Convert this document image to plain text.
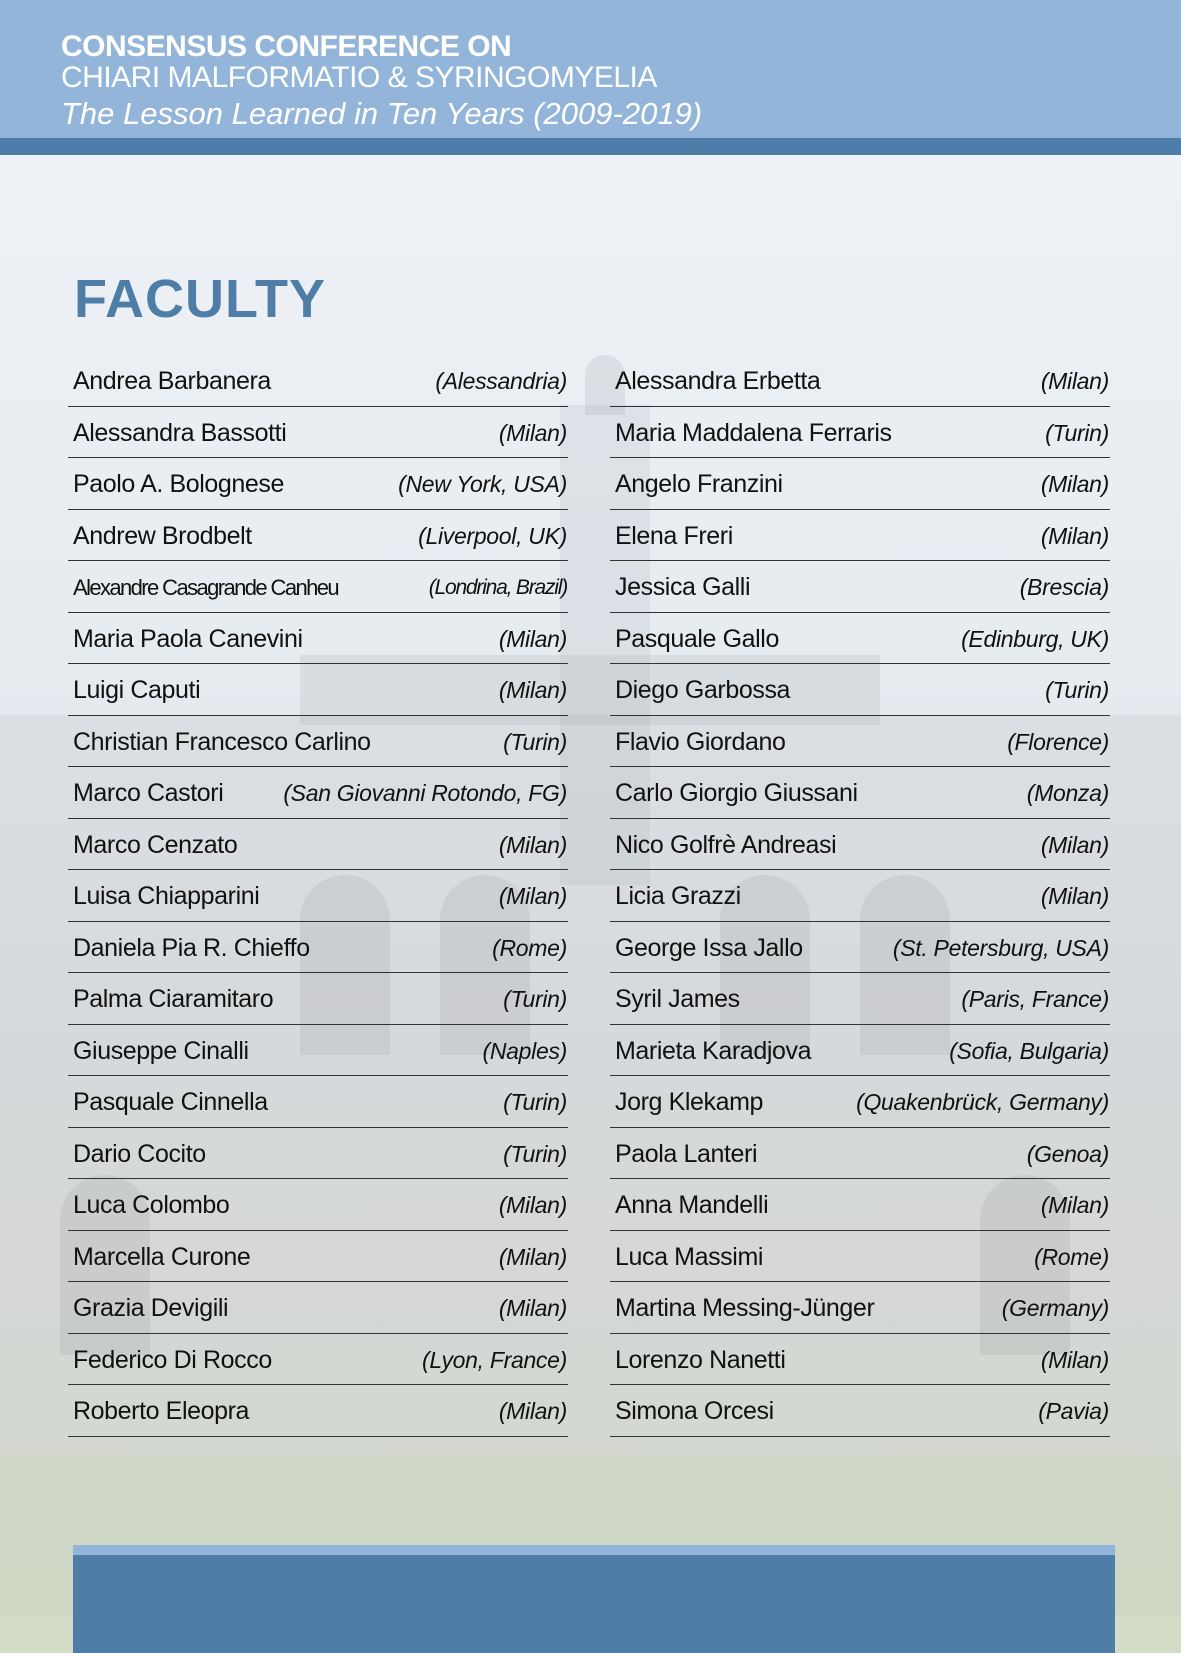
CONSENSUS CONFERENCE ON
CHIARI MALFORMATIO & SYRINGOMYELIA
The Lesson Learned in Ten Years (2009-2019)
FACULTY
Andrea Barbanera	(Alessandria)
Alessandra Bassotti	(Milan)
Paolo A. Bolognese	(New York, USA)
Andrew Brodbelt	(Liverpool, UK)
Alexandre Casagrande Canheu	(Londrina, Brazil)
Maria Paola Canevini	(Milan)
Luigi Caputi	(Milan)
Christian Francesco Carlino	(Turin)
Marco Castori	(San Giovanni Rotondo, FG)
Marco Cenzato	(Milan)
Luisa Chiapparini	(Milan)
Daniela Pia R. Chieffo	(Rome)
Palma Ciaramitaro	(Turin)
Giuseppe Cinalli	(Naples)
Pasquale Cinnella	(Turin)
Dario Cocito	(Turin)
Luca Colombo	(Milan)
Marcella Curone	(Milan)
Grazia Devigili	(Milan)
Federico Di Rocco	(Lyon, France)
Roberto Eleopra	(Milan)
Alessandra Erbetta	(Milan)
Maria Maddalena Ferraris	(Turin)
Angelo Franzini	(Milan)
Elena Freri	(Milan)
Jessica Galli	(Brescia)
Pasquale Gallo	(Edinburg, UK)
Diego Garbossa	(Turin)
Flavio Giordano	(Florence)
Carlo Giorgio Giussani	(Monza)
Nico Golfrè Andreasi	(Milan)
Licia Grazzi	(Milan)
George Issa Jallo	(St. Petersburg, USA)
Syril James	(Paris, France)
Marieta Karadjova	(Sofia, Bulgaria)
Jorg Klekamp	(Quakenbrück, Germany)
Paola Lanteri	(Genoa)
Anna Mandelli	(Milan)
Luca Massimi	(Rome)
Martina Messing-Jünger	(Germany)
Lorenzo Nanetti	(Milan)
Simona Orcesi	(Pavia)
